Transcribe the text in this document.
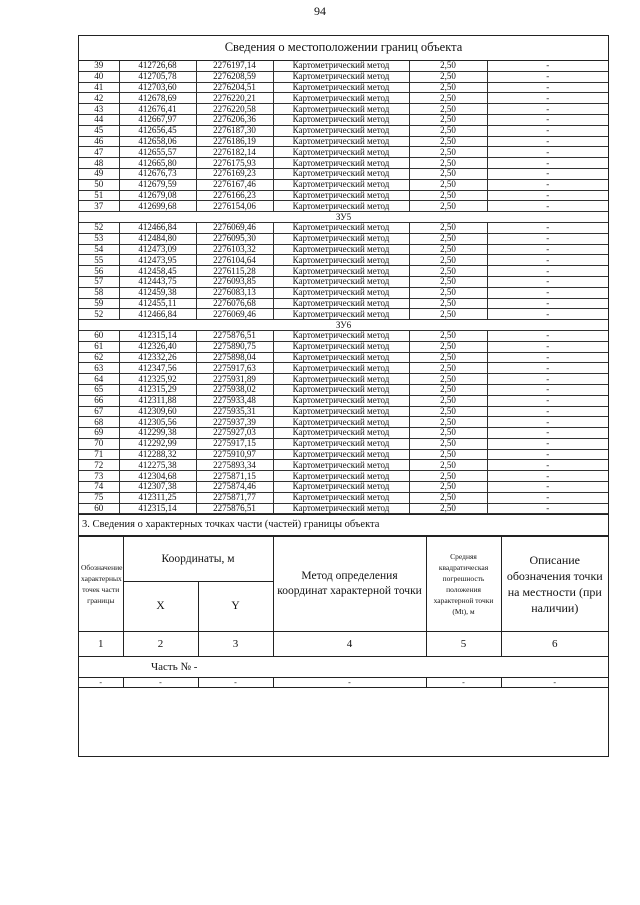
94
Сведения о местоположении границ объекта
39	412726,68	2276197,14	Картометрический метод	2,50	-
40	412705,78	2276208,59	Картометрический метод	2,50	-
41	412703,60	2276204,51	Картометрический метод	2,50	-
42	412678,69	2276220,21	Картометрический метод	2,50	-
43	412676,41	2276220,58	Картометрический метод	2,50	-
44	412667,97	2276206,36	Картометрический метод	2,50	-
45	412656,45	2276187,30	Картометрический метод	2,50	-
46	412658,06	2276186,19	Картометрический метод	2,50	-
47	412655,57	2276182,14	Картометрический метод	2,50	-
48	412665,80	2276175,93	Картометрический метод	2,50	-
49	412676,73	2276169,23	Картометрический метод	2,50	-
50	412679,59	2276167,46	Картометрический метод	2,50	-
51	412679,08	2276166,23	Картометрический метод	2,50	-
37	412699,68	2276154,06	Картометрический метод	2,50	-
ЗУ5					
52	412466,84	2276069,46	Картометрический метод	2,50	-
53	412484,80	2276095,30	Картометрический метод	2,50	-
54	412473,09	2276103,32	Картометрический метод	2,50	-
55	412473,95	2276104,64	Картометрический метод	2,50	-
56	412458,45	2276115,28	Картометрический метод	2,50	-
57	412443,75	2276093,85	Картометрический метод	2,50	-
58	412459,38	2276083,13	Картометрический метод	2,50	-
59	412455,11	2276076,68	Картометрический метод	2,50	-
52	412466,84	2276069,46	Картометрический метод	2,50	-
ЗУ6					
60	412315,14	2275876,51	Картометрический метод	2,50	-
61	412326,40	2275890,75	Картометрический метод	2,50	-
62	412332,26	2275898,04	Картометрический метод	2,50	-
63	412347,56	2275917,63	Картометрический метод	2,50	-
64	412325,92	2275931,89	Картометрический метод	2,50	-
65	412315,29	2275938,02	Картометрический метод	2,50	-
66	412311,88	2275933,48	Картометрический метод	2,50	-
67	412309,60	2275935,31	Картометрический метод	2,50	-
68	412305,56	2275937,39	Картометрический метод	2,50	-
69	412299,38	2275927,03	Картометрический метод	2,50	-
70	412292,99	2275917,15	Картометрический метод	2,50	-
71	412288,32	2275910,97	Картометрический метод	2,50	-
72	412275,38	2275893,34	Картометрический метод	2,50	-
73	412304,68	2275871,15	Картометрический метод	2,50	-
74	412307,38	2275874,46	Картометрический метод	2,50	-
75	412311,25	2275871,77	Картометрический метод	2,50	-
60	412315,14	2275876,51	Картометрический метод	2,50	-
3. Сведения о характерных точках части (частей) границы объекта
Обозначение характерных точек части границы	Координаты, м		Метод определения координат характерной точки	Средняя квадратическая погрешность положения характерной точки (Mt), м	Описание обозначения точки на местности (при наличии)
	X	Y			
1	2	3	4	5	6
Часть № -					
-	-	-	-	-	-
